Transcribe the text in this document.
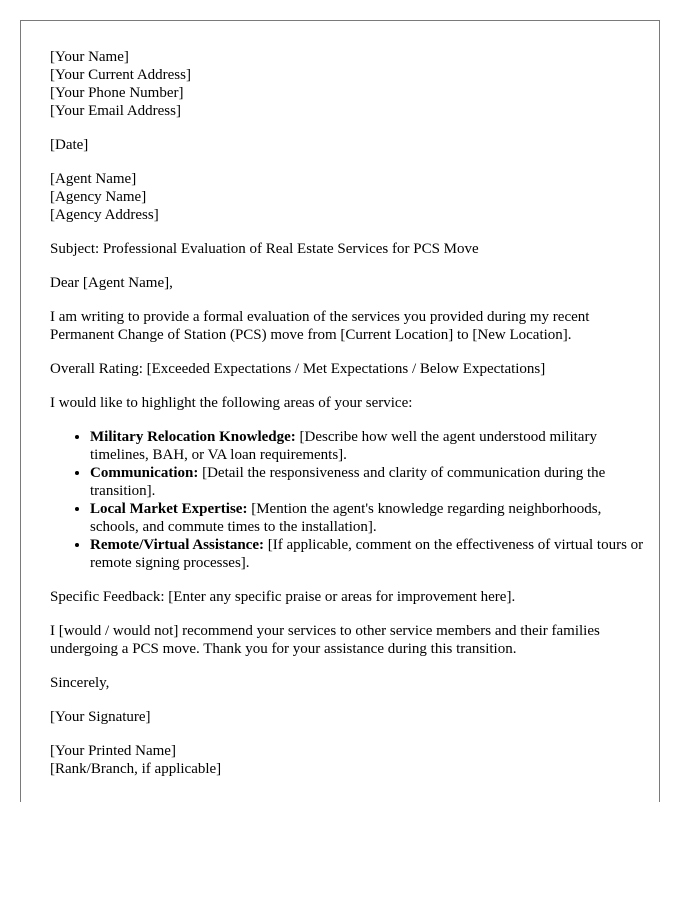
[Your Name]
[Your Current Address]
[Your Phone Number]
[Your Email Address]
[Date]
[Agent Name]
[Agency Name]
[Agency Address]

Subject: Professional Evaluation of Real Estate Services for PCS Move

Dear [Agent Name],

I am writing to provide a formal evaluation of the services you provided during my recent Permanent Change of Station (PCS) move from [Current Location] to [New Location].

Overall Rating: [Exceeded Expectations / Met Expectations / Below Expectations]

I would like to highlight the following areas of your service:

• Military Relocation Knowledge: [Describe how well the agent understood military timelines, BAH, or VA loan requirements].
• Communication: [Detail the responsiveness and clarity of communication during the transition].
• Local Market Expertise: [Mention the agent's knowledge regarding neighborhoods, schools, and commute times to the installation].
• Remote/Virtual Assistance: [If applicable, comment on the effectiveness of virtual tours or remote signing processes].

Specific Feedback: [Enter any specific praise or areas for improvement here].

I [would / would not] recommend your services to other service members and their families undergoing a PCS move. Thank you for your assistance during this transition.

Sincerely,

[Your Signature]

[Your Printed Name]
[Rank/Branch, if applicable]
